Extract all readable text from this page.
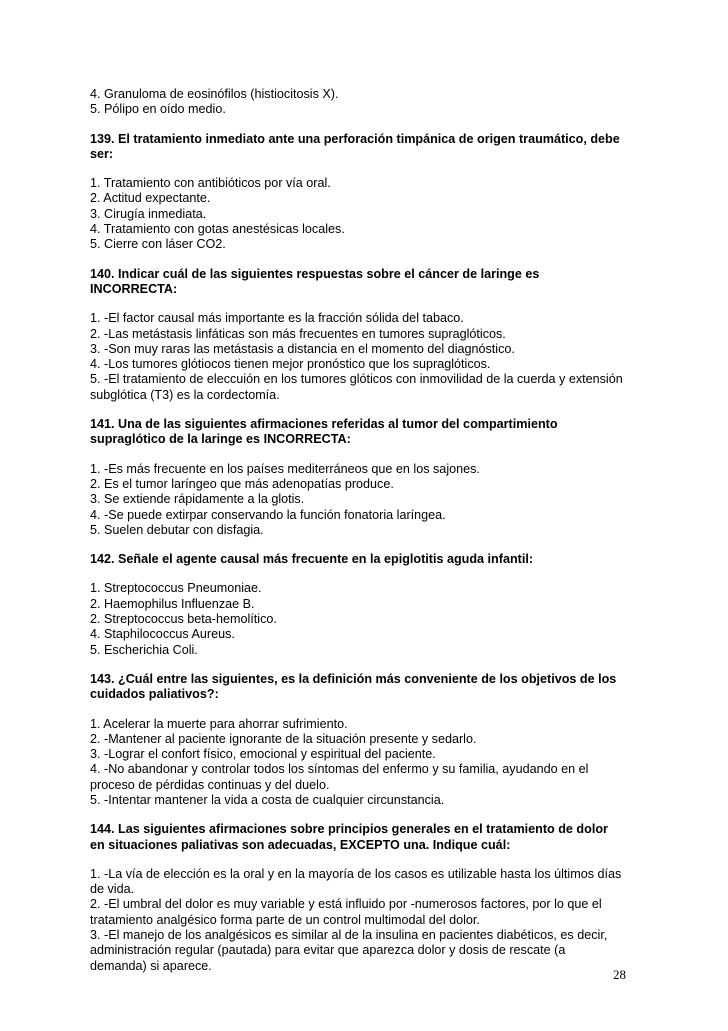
4. Granuloma de eosinófilos (histiocitosis X).
5. Pólipo en oído medio.
139. El tratamiento inmediato ante una perforación timpánica de origen traumático, debe
ser:
1. Tratamiento con antibióticos por vía oral.
2. Actitud expectante.
3. Cirugía inmediata.
4. Tratamiento con gotas anestésicas locales.
5. Cierre con láser CO2.
140. Indicar cuál de las siguientes respuestas sobre el cáncer de laringe es
INCORRECTA:
1. -El factor causal más importante es la fracción sólida del tabaco.
2. -Las metástasis linfáticas son más frecuentes en tumores supraglóticos.
3. -Son muy raras las metástasis a distancia en el momento del diagnóstico.
4. -Los tumores glótiocos tienen mejor pronóstico que los supraglóticos.
5. -El tratamiento de eleccuión en los tumores glóticos con inmovilidad de la cuerda y extensión
subglótica (T3) es la cordectomía.
141. Una de las siguientes afirmaciones referidas al tumor del compartimiento
supraglótico de la laringe es INCORRECTA:
1. -Es más frecuente en los países mediterráneos que en los sajones.
2. Es el tumor laríngeo que más adenopatías produce.
3. Se extiende rápidamente a la glotis.
4. -Se puede extirpar conservando la función fonatoria laríngea.
5. Suelen debutar con disfagia.
142. Señale el agente causal más frecuente en la epiglotitis aguda infantil:
1. Streptococcus Pneumoniae.
2. Haemophilus Influenzae B.
2. Streptococcus beta-hemolítico.
4. Staphilococcus Aureus.
5. Escherichia Coli.
143. ¿Cuál entre las siguientes, es la definición más conveniente de los objetivos de los
cuidados paliativos?:
1. Acelerar la muerte para ahorrar sufrimiento.
2. -Mantener al paciente ignorante de la situación presente y sedarlo.
3. -Lograr el confort físico, emocional y espiritual del paciente.
4. -No abandonar y controlar todos los síntomas del enfermo y su familia, ayudando en el
proceso de pérdidas continuas y del duelo.
5. -Intentar mantener la vida a costa de cualquier circunstancia.
144. Las siguientes afirmaciones sobre principios generales en el tratamiento de dolor
en situaciones paliativas son adecuadas, EXCEPTO una. Indique cuál:
1. -La vía de elección es la oral y en la mayoría de los casos es utilizable hasta los últimos días
de vida.
2. -El umbral del dolor es muy variable y está influido por -numerosos factores, por lo que el
tratamiento analgésico forma parte de un control multimodal del dolor.
3. -El manejo de los analgésicos es similar al de la insulina en pacientes diabéticos, es decir,
administración regular (pautada) para evitar que aparezca dolor y dosis de rescate (a
demanda) si aparece.
28
